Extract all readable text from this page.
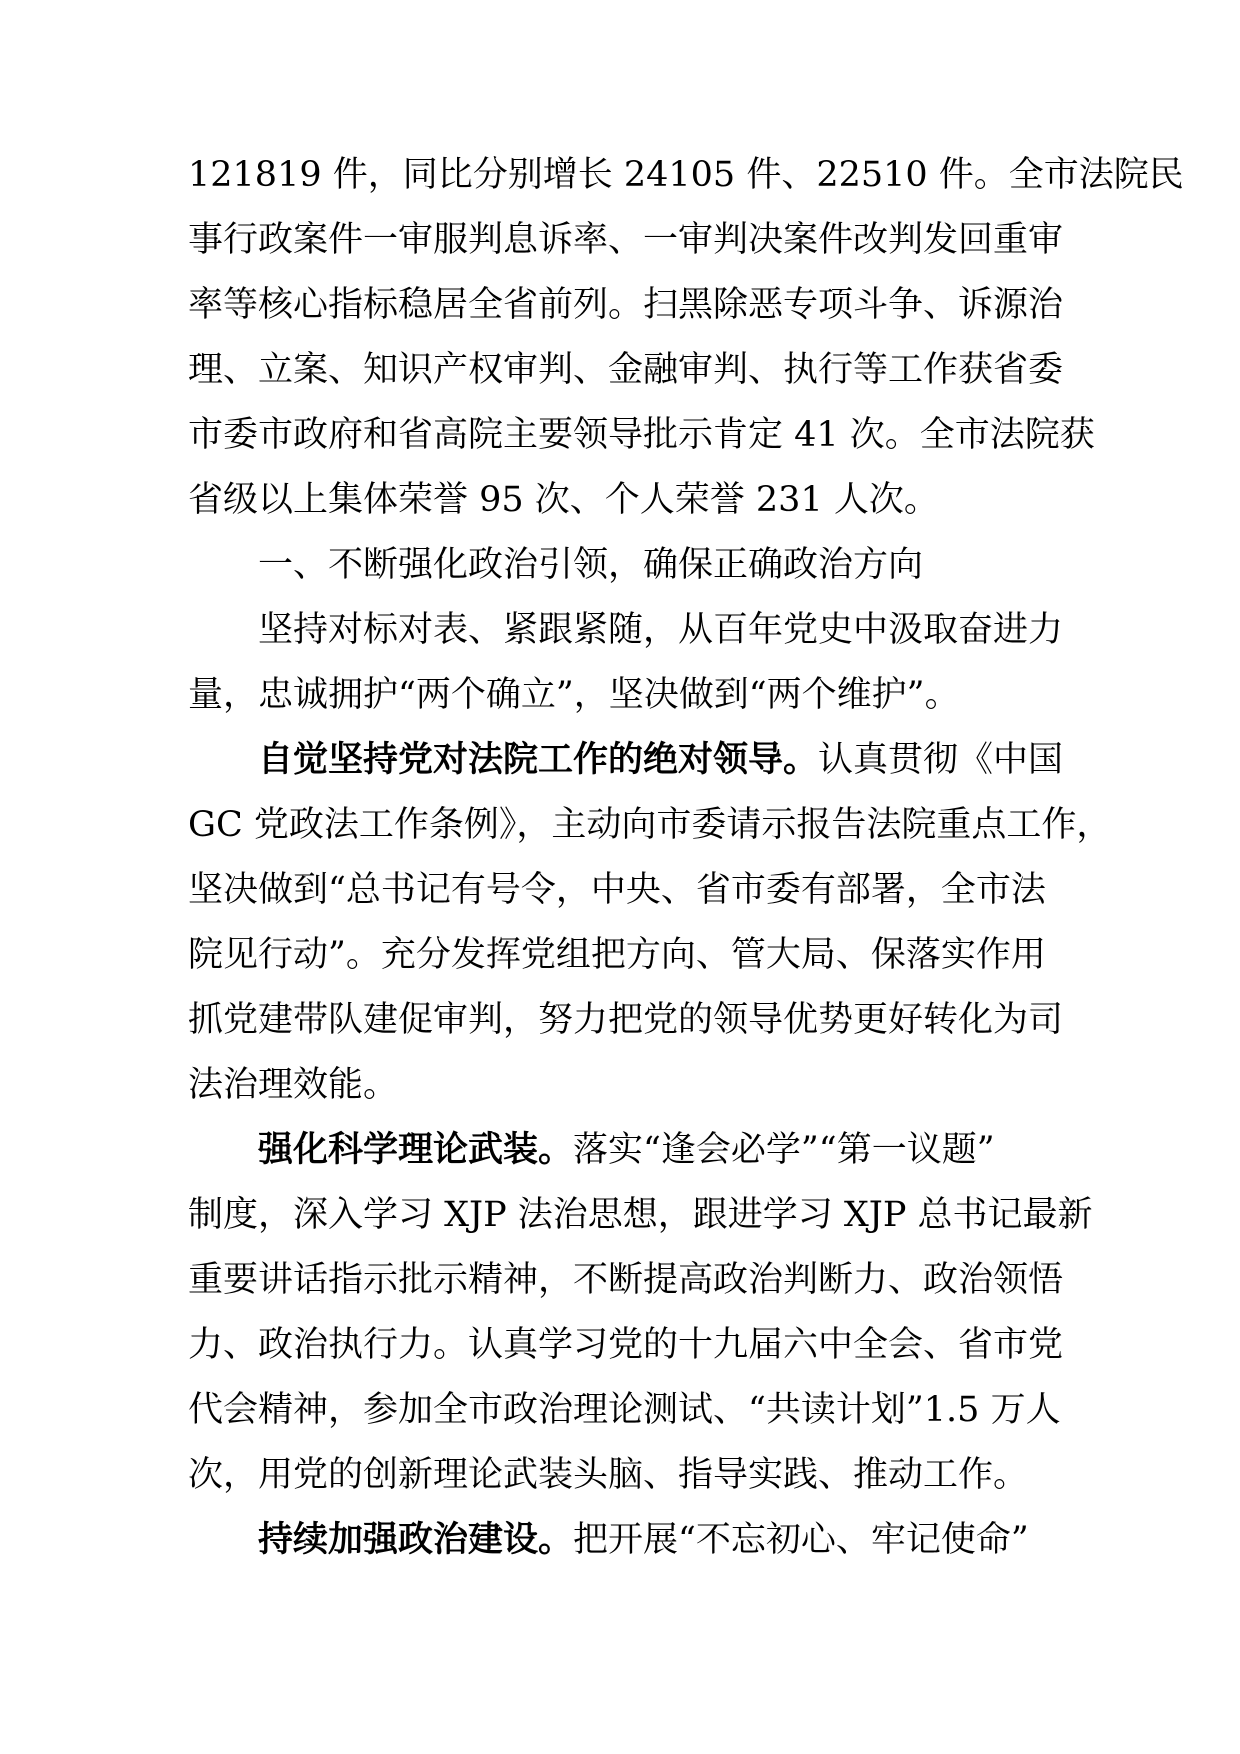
121819 件，同比分别增长 24105 件、22510 件。全市法院民
事行政案件一审服判息诉率、一审判决案件改判发回重审
率等核心指标稳居全省前列。扫黑除恶专项斗争、诉源治
理、立案、知识产权审判、金融审判、执行等工作获省委
市委市政府和省高院主要领导批示肯定 41 次。全市法院获
省级以上集体荣誉 95 次、个人荣誉 231 人次。
一、不断强化政治引领，确保正确政治方向
坚持对标对表、紧跟紧随，从百年党史中汲取奋进力
量，忠诚拥护“两个确立”，坚决做到“两个维护”。
自觉坚持党对法院工作的绝对领导。认真贯彻《中国
GC 党政法工作条例》，主动向市委请示报告法院重点工作，
坚决做到“总书记有号令，中央、省市委有部署，全市法
院见行动”。充分发挥党组把方向、管大局、保落实作用
抓党建带队建促审判，努力把党的领导优势更好转化为司
法治理效能。
强化科学理论武装。落实“逢会必学”“第一议题”
制度，深入学习 XJP 法治思想，跟进学习 XJP 总书记最新
重要讲话指示批示精神，不断提高政治判断力、政治领悟
力、政治执行力。认真学习党的十九届六中全会、省市党
代会精神，参加全市政治理论测试、“共读计划”1.5 万人
次，用党的创新理论武装头脑、指导实践、推动工作。
持续加强政治建设。把开展“不忘初心、牢记使命”
